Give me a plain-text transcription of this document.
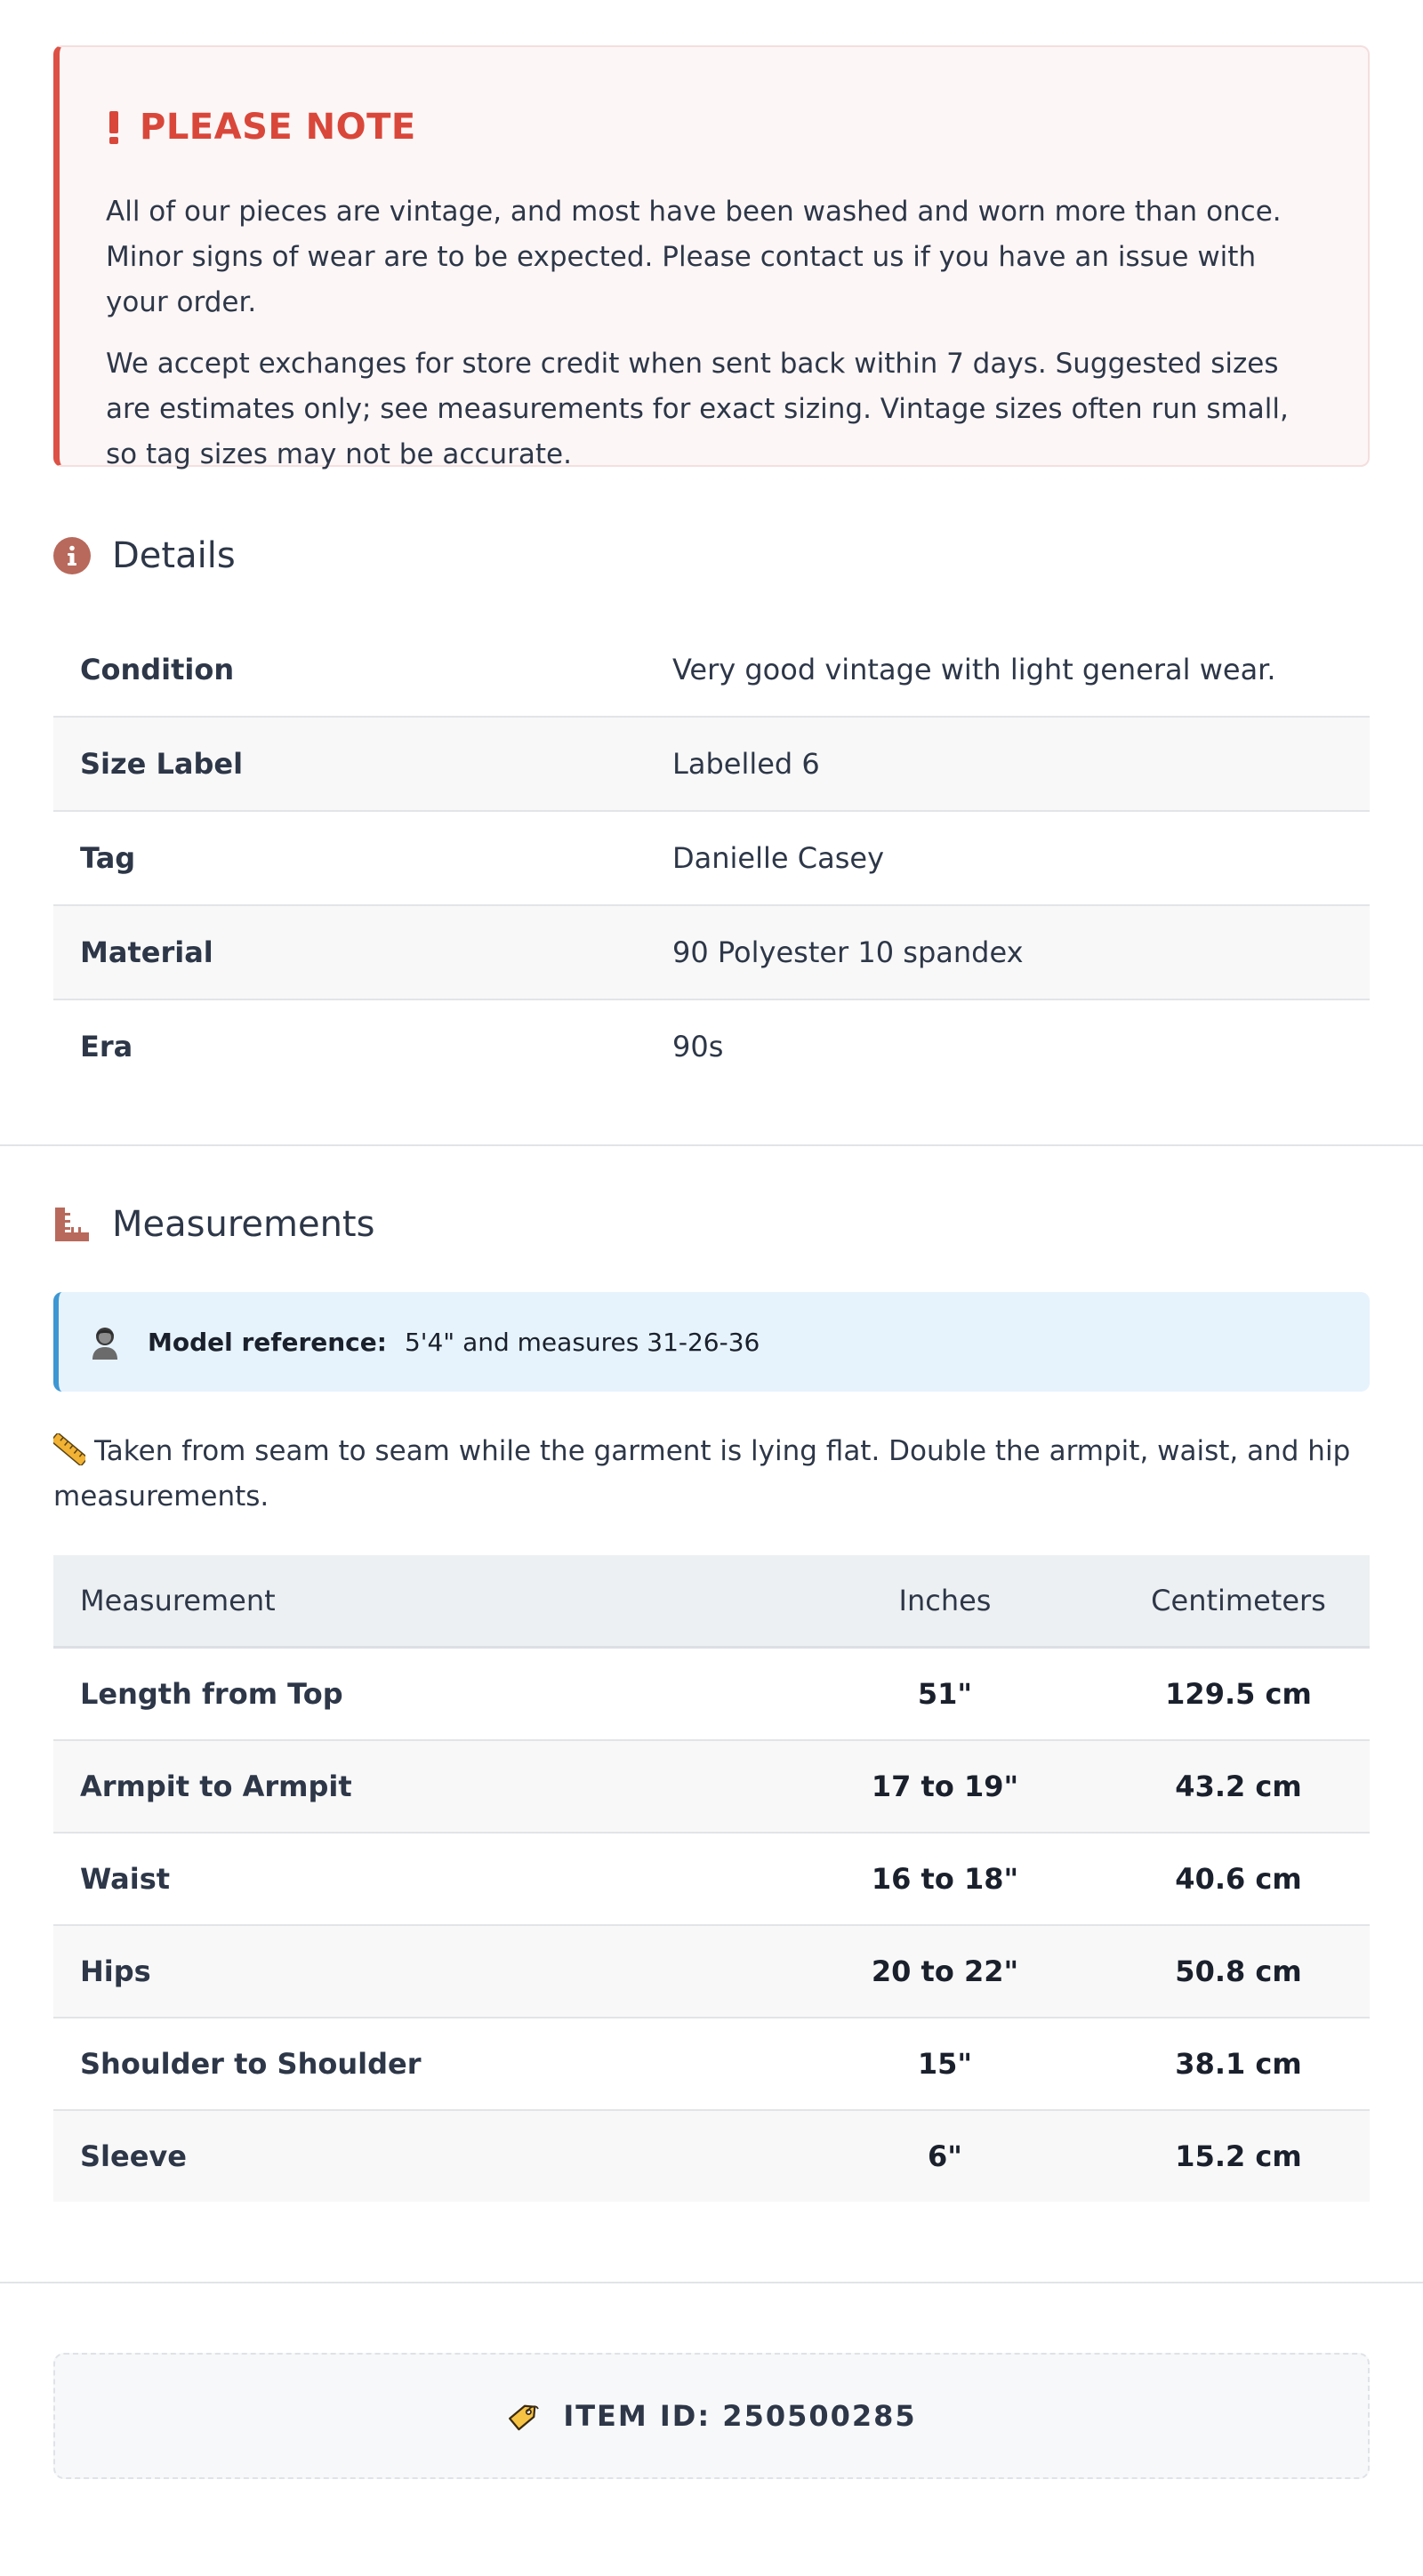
PLEASE NOTE

All of our pieces are vintage, and most have been washed and worn more than once. Minor signs of wear are to be expected. Please contact us if you have an issue with your order.

We accept exchanges for store credit when sent back within 7 days. Suggested sizes are estimates only; see measurements for exact sizing. Vintage sizes often run small, so tag sizes may not be accurate.

Details
Condition	Very good vintage with light general wear.
Size Label	Labelled 6
Tag	Danielle Casey
Material	90 Polyester 10 spandex
Era	90s
Measurements
Model reference: 5'4" and measures 31-26-36
Taken from seam to seam while the garment is lying flat. Double the armpit, waist, and hip measurements.
Measurement	Inches	Centimeters
Length from Top	51"	129.5 cm
Armpit to Armpit	17 to 19"	43.2 cm
Waist	16 to 18"	40.6 cm
Hips	20 to 22"	50.8 cm
Shoulder to Shoulder	15"	38.1 cm
Sleeve	6"	15.2 cm
ITEM ID: 250500285
